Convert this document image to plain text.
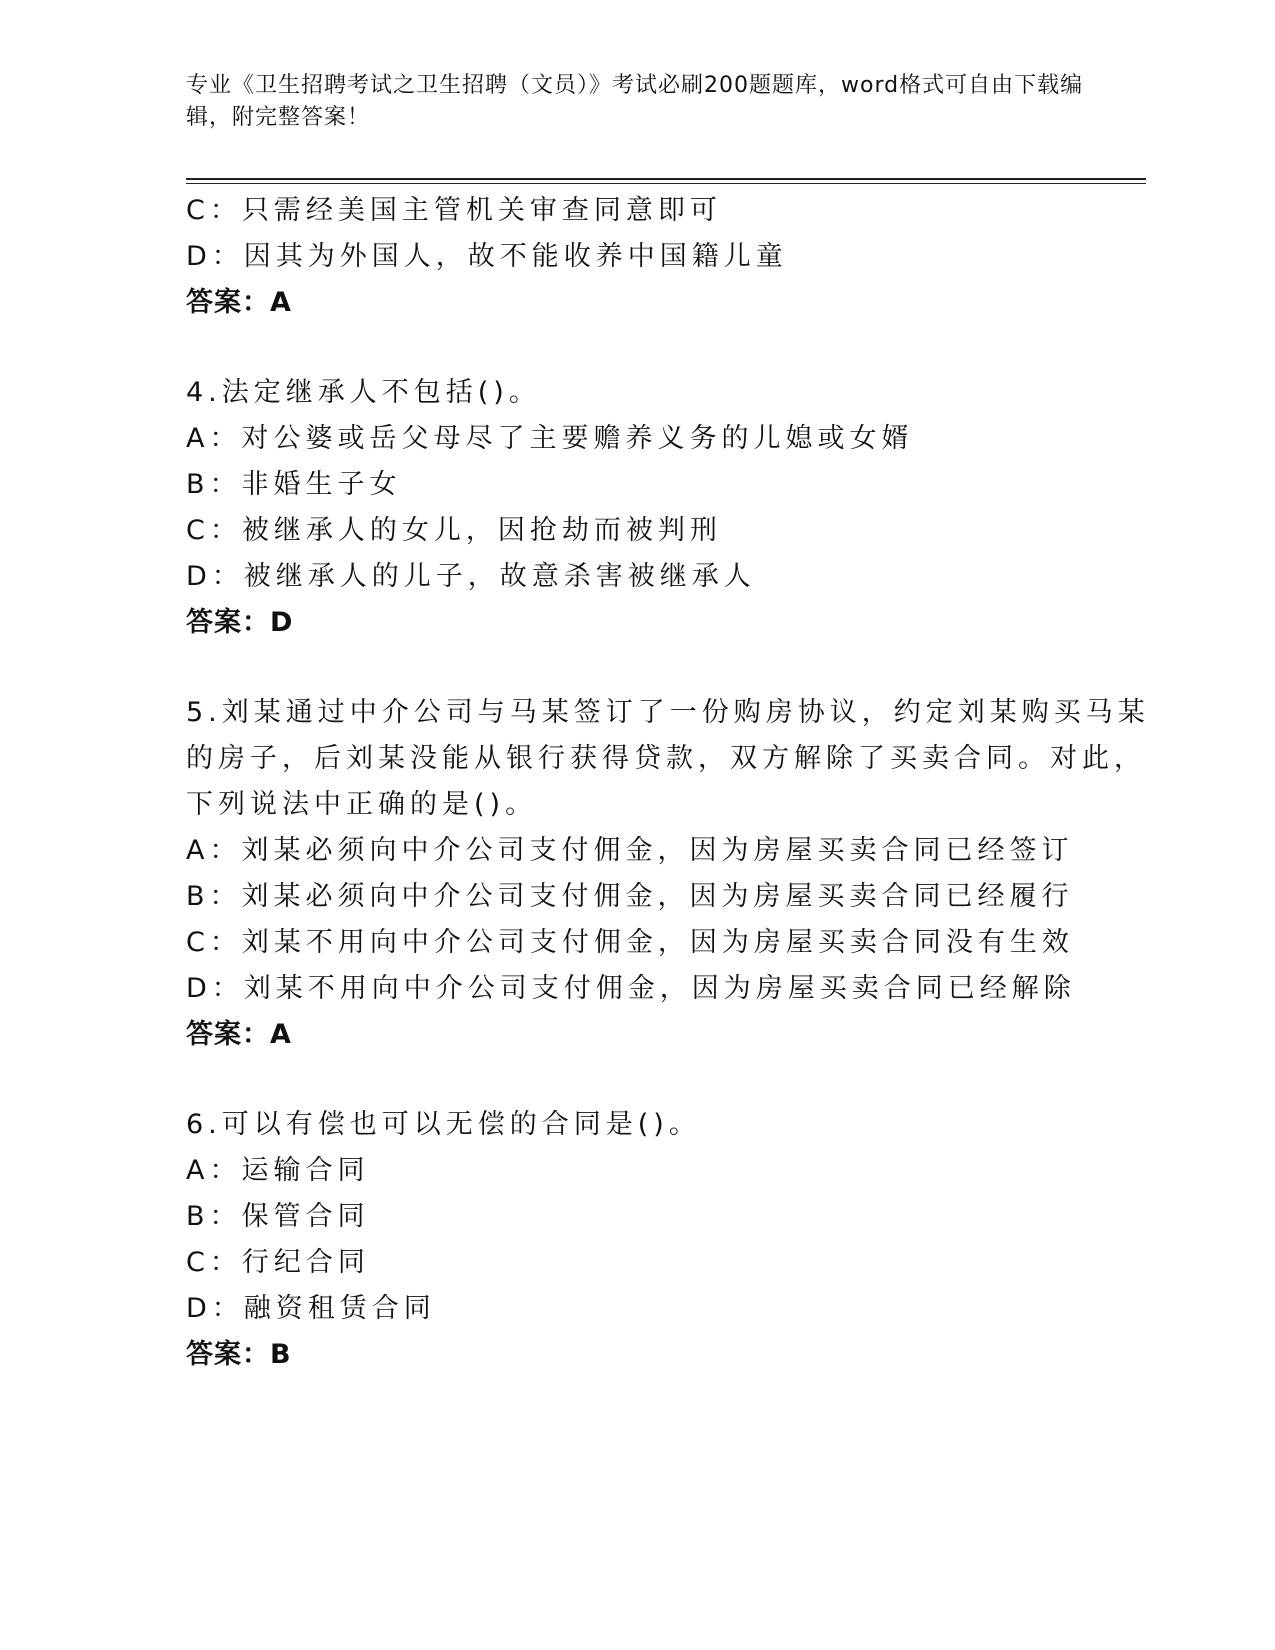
专业《卫生招聘考试之卫生招聘（文员）》考试必刷200题题库，word格式可自由下载编辑，附完整答案！
C：只需经美国主管机关审查同意即可
D：因其为外国人，故不能收养中国籍儿童
答案：A
4.法定继承人不包括()。
A：对公婆或岳父母尽了主要赡养义务的儿媳或女婿
B：非婚生子女
C：被继承人的女儿，因抢劫而被判刑
D：被继承人的儿子，故意杀害被继承人
答案：D
5.刘某通过中介公司与马某签订了一份购房协议，约定刘某购买马某
的房子，后刘某没能从银行获得贷款，双方解除了买卖合同。对此，
下列说法中正确的是()。
A：刘某必须向中介公司支付佣金，因为房屋买卖合同已经签订
B：刘某必须向中介公司支付佣金，因为房屋买卖合同已经履行
C：刘某不用向中介公司支付佣金，因为房屋买卖合同没有生效
D：刘某不用向中介公司支付佣金，因为房屋买卖合同已经解除
答案：A
6.可以有偿也可以无偿的合同是()。
A：运输合同
B：保管合同
C：行纪合同
D：融资租赁合同
答案：B
